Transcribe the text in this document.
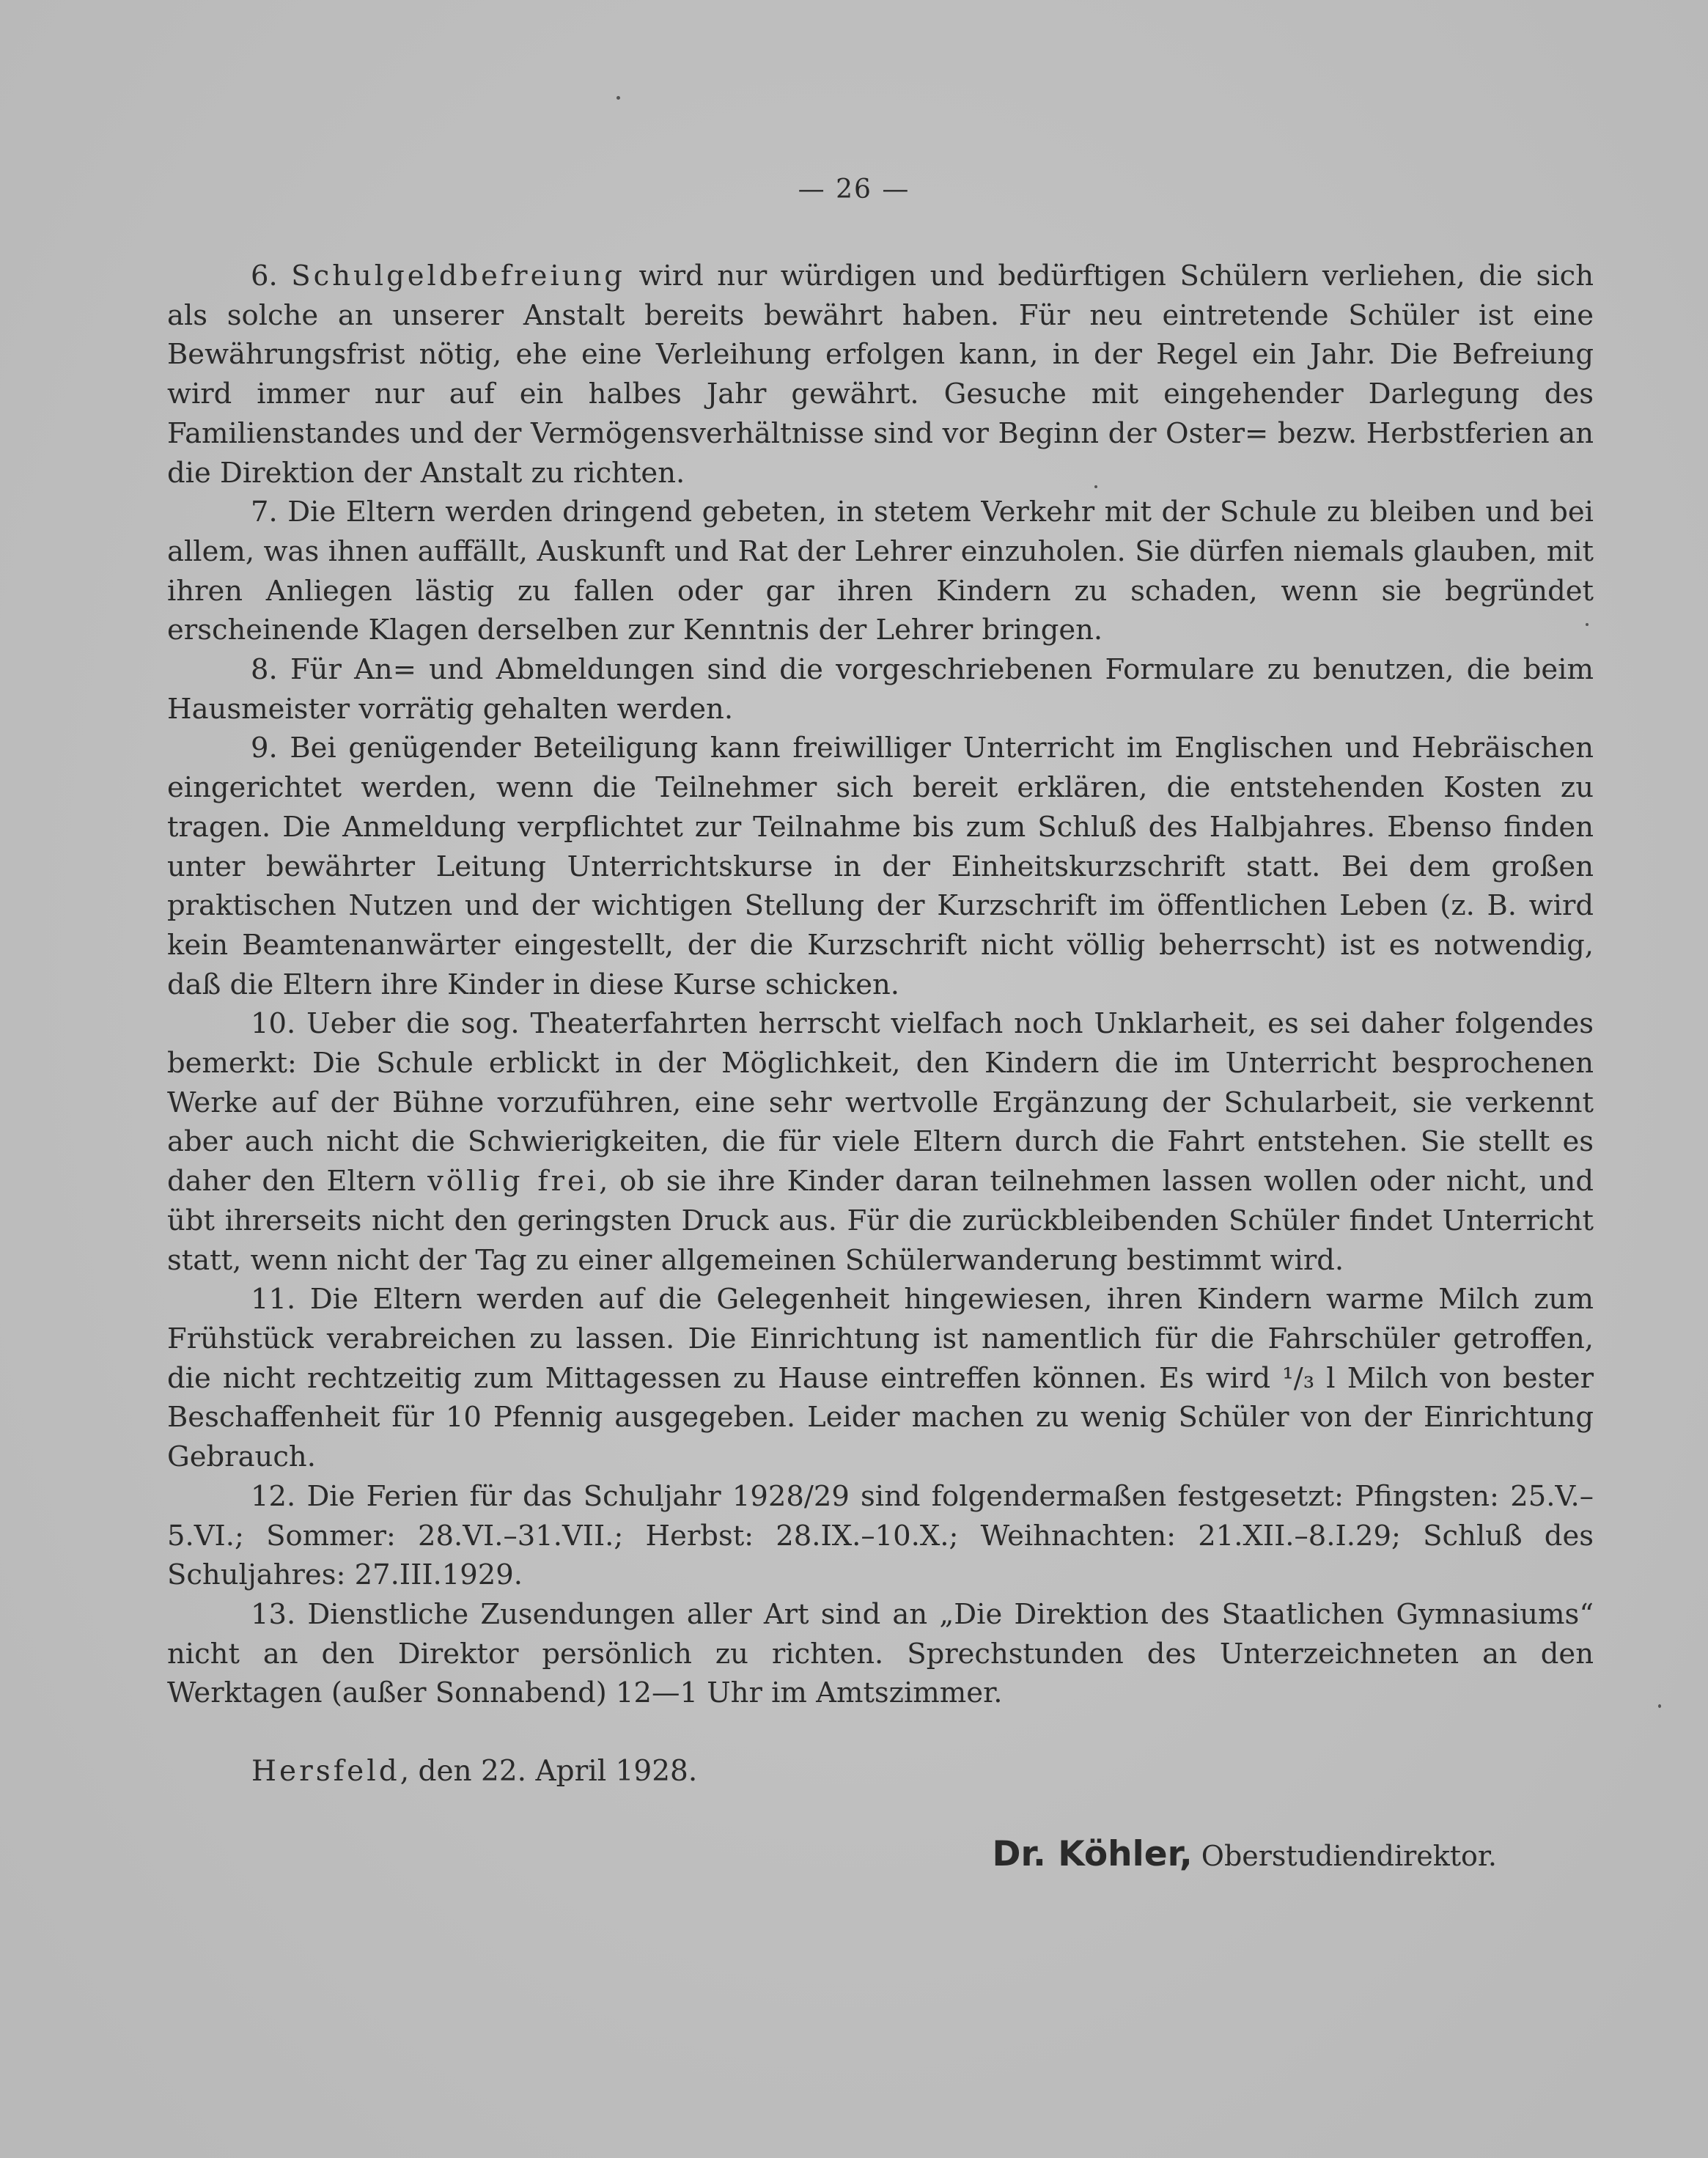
— 26 —

6. Schulgeldbefreiung wird nur würdigen und bedürftigen Schülern verliehen, die sich als solche an unserer Anstalt bereits bewährt haben. Für neu eintretende Schüler ist eine Bewährungsfrist nötig, ehe eine Verleihung erfolgen kann, in der Regel ein Jahr. Die Befreiung wird immer nur auf ein halbes Jahr gewährt. Gesuche mit eingehender Darlegung des Familienstandes und der Vermögensverhältnisse sind vor Beginn der Oster= bezw. Herbstferien an die Direktion der Anstalt zu richten.

7. Die Eltern werden dringend gebeten, in stetem Verkehr mit der Schule zu bleiben und bei allem, was ihnen auffällt, Auskunft und Rat der Lehrer einzuholen. Sie dürfen niemals glauben, mit ihren Anliegen lästig zu fallen oder gar ihren Kindern zu schaden, wenn sie begründet erscheinende Klagen derselben zur Kenntnis der Lehrer bringen.

8. Für An= und Abmeldungen sind die vorgeschriebenen Formulare zu benutzen, die beim Hausmeister vorrätig gehalten werden.

9. Bei genügender Beteiligung kann freiwilliger Unterricht im Englischen und Hebräischen eingerichtet werden, wenn die Teilnehmer sich bereit erklären, die entstehenden Kosten zu tragen. Die Anmeldung verpflichtet zur Teilnahme bis zum Schluß des Halbjahres. Ebenso finden unter bewährter Leitung Unterrichtskurse in der Einheitskurzschrift statt. Bei dem großen praktischen Nutzen und der wichtigen Stellung der Kurzschrift im öffentlichen Leben (z. B. wird kein Beamtenanwärter eingestellt, der die Kurzschrift nicht völlig beherrscht) ist es notwendig, daß die Eltern ihre Kinder in diese Kurse schicken.

10. Ueber die sog. Theaterfahrten herrscht vielfach noch Unklarheit, es sei daher folgendes bemerkt: Die Schule erblickt in der Möglichkeit, den Kindern die im Unterricht besprochenen Werke auf der Bühne vorzuführen, eine sehr wertvolle Ergänzung der Schularbeit, sie verkennt aber auch nicht die Schwierigkeiten, die für viele Eltern durch die Fahrt entstehen. Sie stellt es daher den Eltern völlig frei, ob sie ihre Kinder daran teilnehmen lassen wollen oder nicht, und übt ihrerseits nicht den geringsten Druck aus. Für die zurückbleibenden Schüler findet Unterricht statt, wenn nicht der Tag zu einer allgemeinen Schülerwanderung bestimmt wird.

11. Die Eltern werden auf die Gelegenheit hingewiesen, ihren Kindern warme Milch zum Frühstück verabreichen zu lassen. Die Einrichtung ist namentlich für die Fahrschüler getroffen, die nicht rechtzeitig zum Mittagessen zu Hause eintreffen können. Es wird ¹/₃ l Milch von bester Beschaffenheit für 10 Pfennig ausgegeben. Leider machen zu wenig Schüler von der Einrichtung Gebrauch.

12. Die Ferien für das Schuljahr 1928/29 sind folgendermaßen festgesetzt: Pfingsten: 25.V.–5.VI.; Sommer: 28.VI.–31.VII.; Herbst: 28.IX.–10.X.; Weihnachten: 21.XII.–8.I.29; Schluß des Schuljahres: 27.III.1929.

13. Dienstliche Zusendungen aller Art sind an „Die Direktion des Staatlichen Gymnasiums“ nicht an den Direktor persönlich zu richten. Sprechstunden des Unterzeichneten an den Werktagen (außer Sonnabend) 12—1 Uhr im Amtszimmer.

Hersfeld, den 22. April 1928.
Dr. Köhler, Oberstudiendirektor.
